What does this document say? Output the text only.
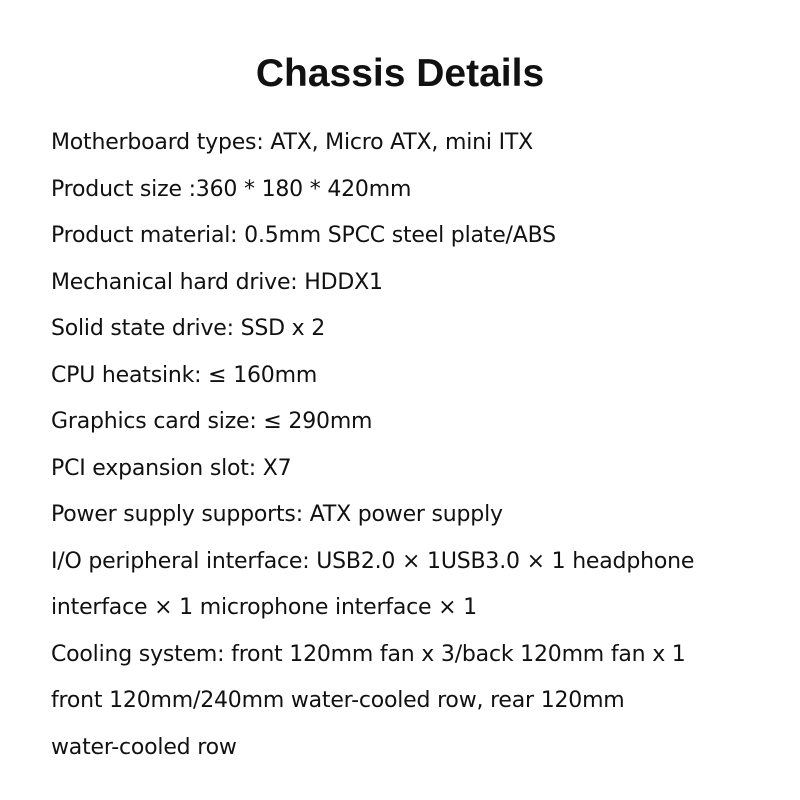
Chassis Details
Motherboard types: ATX, Micro ATX, mini ITX
Product size :360 * 180 * 420mm
Product material: 0.5mm SPCC steel plate/ABS
Mechanical hard drive: HDDX1
Solid state drive: SSD x 2
CPU heatsink: ≤ 160mm
Graphics card size: ≤ 290mm
PCI expansion slot: X7
Power supply supports: ATX power supply
I/O peripheral interface: USB2.0 × 1USB3.0 × 1 headphone
interface × 1 microphone interface × 1
Cooling system: front 120mm fan x 3/back 120mm fan x 1
front 120mm/240mm water-cooled row, rear 120mm
water-cooled row
